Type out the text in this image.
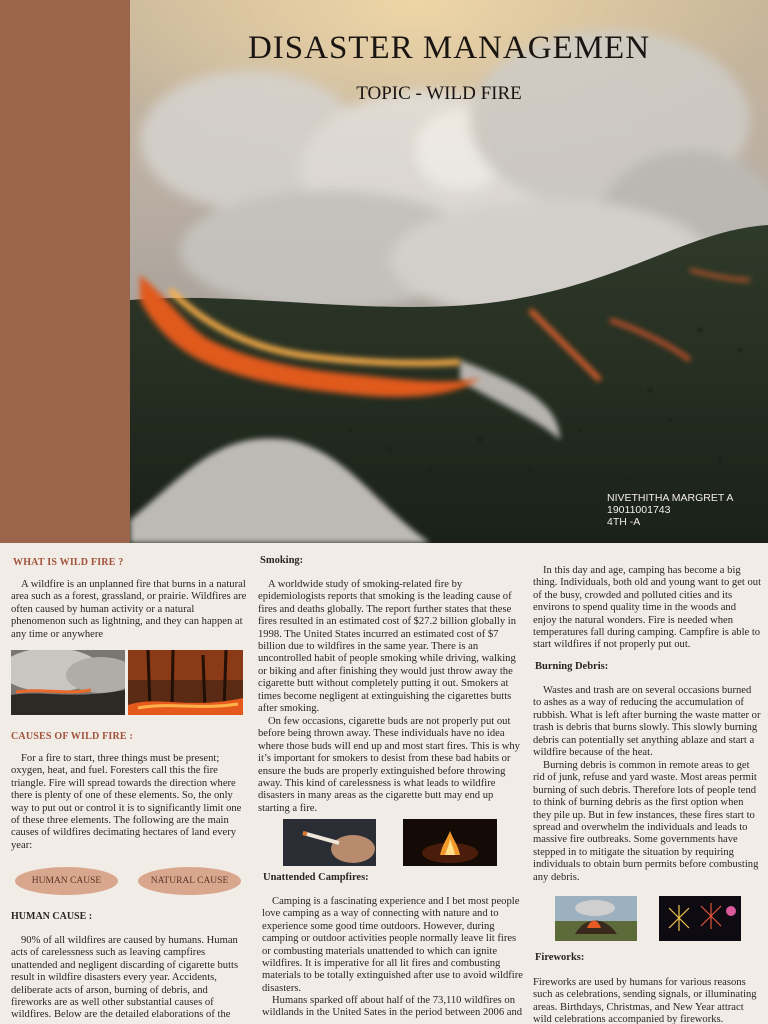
DISASTER MANAGEMEN
TOPIC - WILD FIRE
NIVETHITHA MARGRET A
19011001743
4TH -A
WHAT IS WILD FIRE ?
A wildfire is an unplanned fire that burns in a natural area such as a forest, grassland, or prairie. Wildfires are often caused by human activity or a natural phenomenon such as lightning, and they can happen at any time or anywhere
CAUSES OF WILD FIRE :
For a fire to start, three things must be present; oxygen, heat, and fuel. Foresters call this the fire triangle. Fire will spread towards the direction where there is plenty of one of these elements. So, the only way to put out or control it is to significantly limit one of these three elements. The following are the main causes of wildfires decimating hectares of land every year:
HUMAN CAUSE	NATURAL CAUSE
HUMAN CAUSE :
90% of all wildfires are caused by humans. Human acts of carelessness such as leaving campfires unattended and negligent discarding of cigarette butts result in wildfire disasters every year. Accidents, deliberate acts of arson, burning of debris, and fireworks are as well other substantial causes of wildfires. Below are the detailed elaborations of the
Smoking:
A worldwide study of smoking-related fire by epidemiologists reports that smoking is the leading cause of fires and deaths globally. The report further states that these fires resulted in an estimated cost of $27.2 billion globally in 1998. The United States incurred an estimated cost of $7 billion due to wildfires in the same year. There is an uncontrolled habit of people smoking while driving, walking or biking and after finishing they would just throw away the cigarette butt without completely putting it out. Smokers at times become negligent at extinguishing the cigarettes butts after smoking.
On few occasions, cigarette buds are not properly put out before being thrown away. These individuals have no idea where those buds will end up and most start fires. This is why it’s important for smokers to desist from these bad habits or ensure the buds are properly extinguished before throwing away. This kind of carelessness is what leads to wildfire disasters in many areas as the cigarette butt may end up starting a fire.
Unattended Campfires:
Camping is a fascinating experience and I bet most people love camping as a way of connecting with nature and to experience some good time outdoors. However, during camping or outdoor activities people normally leave lit fires or combusting materials unattended to which can ignite wildfires. It is imperative for all lit fires and combusting materials to be totally extinguished after use to avoid wildfire disasters.
Humans sparked off about half of the 73,110 wildfires on wildlands in the United Sates in the period between 2006 and
In this day and age, camping has become a big thing. Individuals, both old and young want to get out of the busy, crowded and polluted cities and its environs to spend quality time in the woods and enjoy the natural wonders. Fire is needed when temperatures fall during camping. Campfire is able to start wildfires if not properly put out.
Burning Debris:
Wastes and trash are on several occasions burned to ashes as a way of reducing the accumulation of rubbish. What is left after burning the waste matter or trash is debris that burns slowly. This slowly burning debris can potentially set anything ablaze and start a wildfire because of the heat.
Burning debris is common in remote areas to get rid of junk, refuse and yard waste. Most areas permit burning of such debris. Therefore lots of people tend to think of burning debris as the first option when they pile up. But in few instances, these fires start to spread and overwhelm the individuals and leads to massive fire outbreaks. Some governments have stepped in to mitigate the situation by requiring individuals to obtain burn permits before combusting any debris.
Fireworks:
Fireworks are used by humans for various reasons such as celebrations, sending signals, or illuminating areas. Birthdays, Christmas, and New Year attract wild celebrations accompanied by fireworks.
